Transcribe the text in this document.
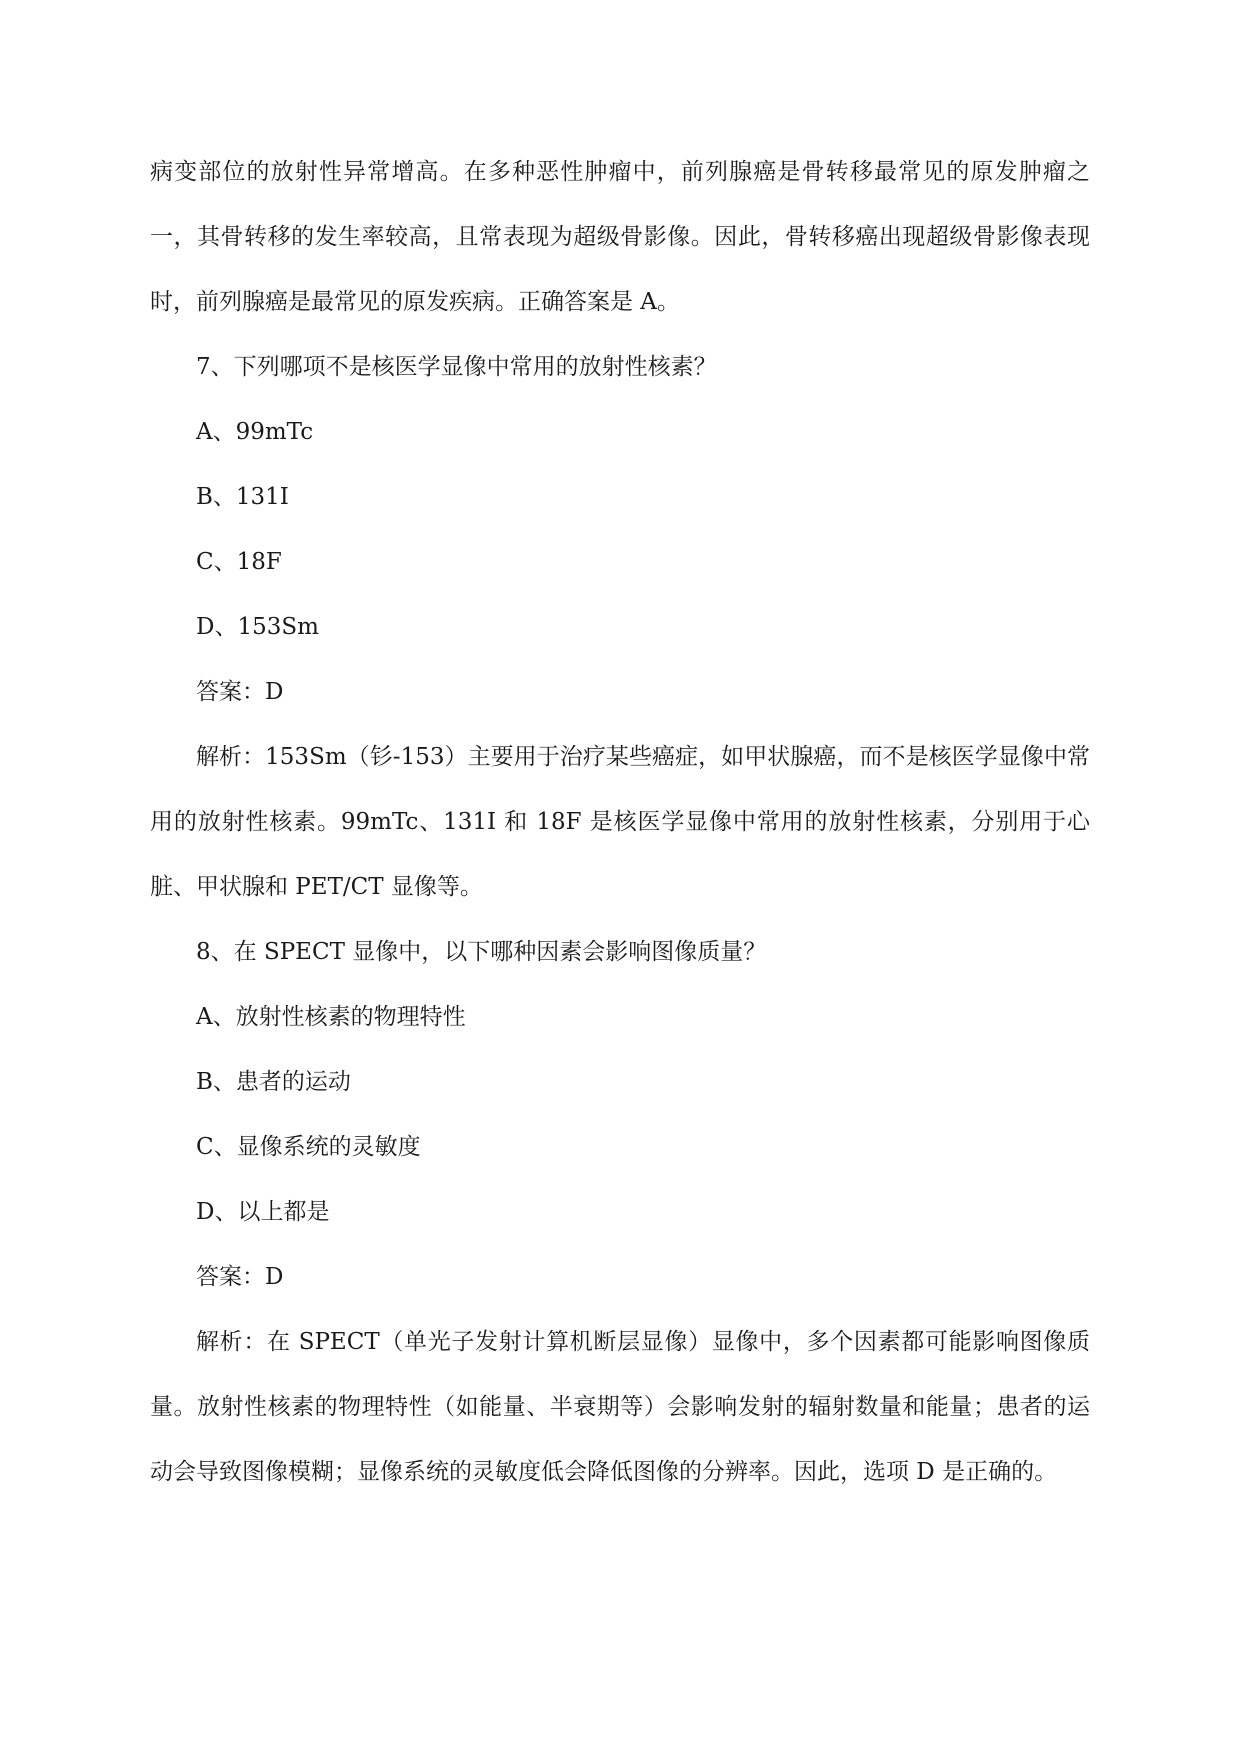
病变部位的放射性异常增高。在多种恶性肿瘤中，前列腺癌是骨转移最常见的原发肿瘤之一，其骨转移的发生率较高，且常表现为超级骨影像。因此，骨转移癌出现超级骨影像表现时，前列腺癌是最常见的原发疾病。正确答案是 A。

7、下列哪项不是核医学显像中常用的放射性核素？

A、99mTc

B、131I

C、18F

D、153Sm

答案：D

解析：153Sm（钐-153）主要用于治疗某些癌症，如甲状腺癌，而不是核医学显像中常用的放射性核素。99mTc、131I 和 18F 是核医学显像中常用的放射性核素，分别用于心脏、甲状腺和 PET/CT 显像等。

8、在 SPECT 显像中，以下哪种因素会影响图像质量？

A、放射性核素的物理特性

B、患者的运动

C、显像系统的灵敏度

D、以上都是

答案：D

解析：在 SPECT（单光子发射计算机断层显像）显像中，多个因素都可能影响图像质量。放射性核素的物理特性（如能量、半衰期等）会影响发射的辐射数量和能量；患者的运动会导致图像模糊；显像系统的灵敏度低会降低图像的分辨率。因此，选项 D 是正确的。
